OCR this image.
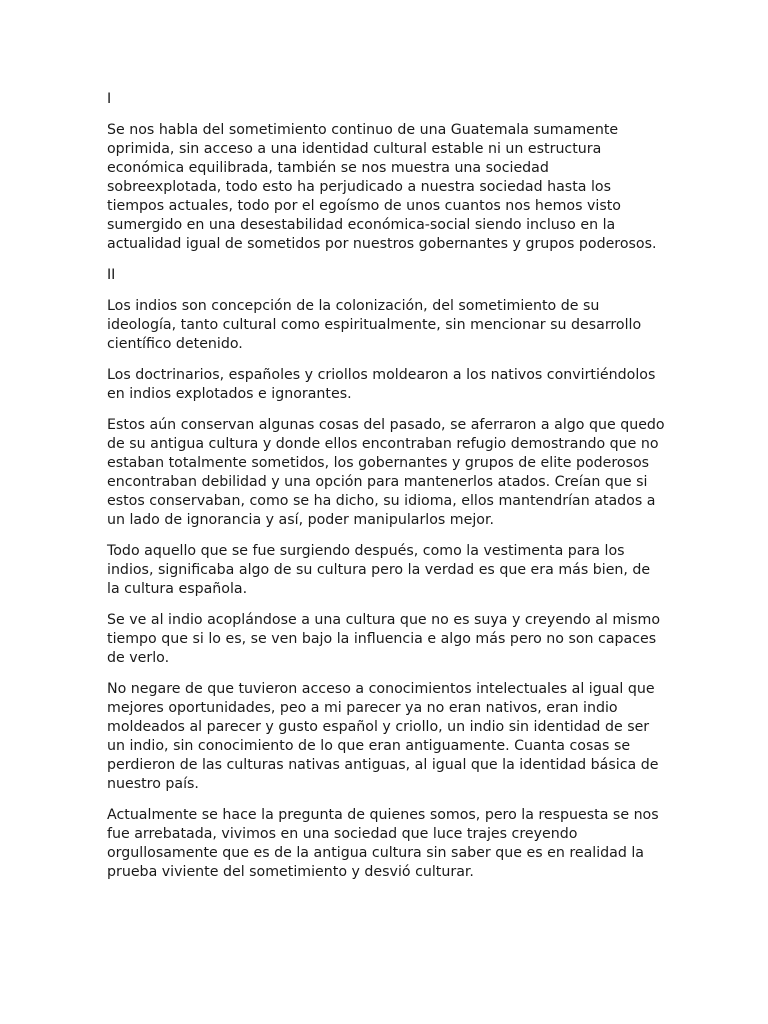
I

Se nos habla del sometimiento continuo de una Guatemala sumamente oprimida, sin acceso a una identidad cultural estable ni un estructura económica equilibrada, también se nos muestra una sociedad sobreexplotada, todo esto ha perjudicado a nuestra sociedad hasta los tiempos actuales, todo por el egoísmo de unos cuantos nos hemos visto sumergido en una desestabilidad económica-social siendo incluso en la actualidad igual de sometidos por nuestros gobernantes y grupos poderosos.

II

Los indios son concepción de la colonización, del sometimiento de su ideología, tanto cultural como espiritualmente, sin mencionar su desarrollo científico detenido.

Los doctrinarios, españoles y criollos moldearon a los nativos convirtiéndolos en indios explotados e ignorantes.

Estos aún conservan algunas cosas del pasado, se aferraron a algo que quedo de su antigua cultura y donde ellos encontraban refugio demostrando que no estaban totalmente sometidos, los gobernantes y grupos de elite poderosos encontraban debilidad y una opción para mantenerlos atados. Creían que si estos conservaban, como se ha dicho, su idioma, ellos mantendrían atados a un lado de ignorancia y así, poder manipularlos mejor.

Todo aquello que se fue surgiendo después, como la vestimenta para los indios, significaba algo de su cultura pero la verdad es que era más bien, de la cultura española.

Se ve al indio acoplándose a una cultura que no es suya y creyendo al mismo tiempo que si lo es, se ven bajo la influencia e algo más pero no son capaces de verlo.

No negare de que tuvieron acceso a conocimientos intelectuales al igual que mejores oportunidades, peo a mi parecer ya no eran nativos, eran indio moldeados al parecer y gusto español y criollo, un indio sin identidad de ser un indio, sin conocimiento de lo que eran antiguamente. Cuanta cosas se perdieron de las culturas nativas antiguas, al igual que la identidad básica de nuestro país.

Actualmente se hace la pregunta de quienes somos, pero la respuesta se nos fue arrebatada, vivimos en una sociedad que luce trajes creyendo orgullosamente que es de la antigua cultura sin saber que es en realidad la prueba viviente del sometimiento y desvió culturar.
